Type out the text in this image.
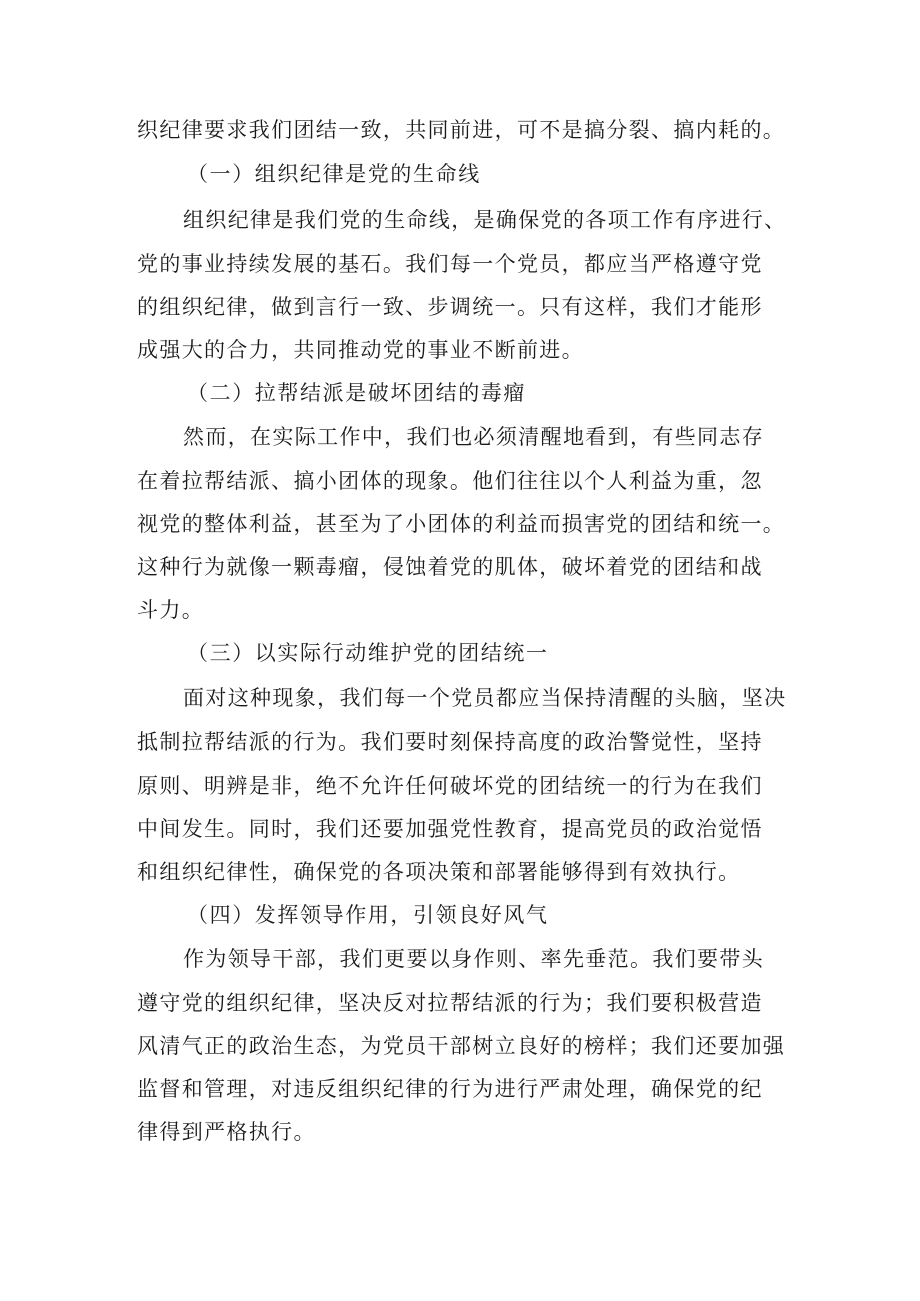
织纪律要求我们团结一致，共同前进，可不是搞分裂、搞内耗的。
（一）组织纪律是党的生命线
组织纪律是我们党的生命线，是确保党的各项工作有序进行、
党的事业持续发展的基石。我们每一个党员，都应当严格遵守党
的组织纪律，做到言行一致、步调统一。只有这样，我们才能形
成强大的合力，共同推动党的事业不断前进。
（二）拉帮结派是破坏团结的毒瘤
然而，在实际工作中，我们也必须清醒地看到，有些同志存
在着拉帮结派、搞小团体的现象。他们往往以个人利益为重，忽
视党的整体利益，甚至为了小团体的利益而损害党的团结和统一。
这种行为就像一颗毒瘤，侵蚀着党的肌体，破坏着党的团结和战
斗力。
（三）以实际行动维护党的团结统一
面对这种现象，我们每一个党员都应当保持清醒的头脑，坚决
抵制拉帮结派的行为。我们要时刻保持高度的政治警觉性，坚持
原则、明辨是非，绝不允许任何破坏党的团结统一的行为在我们
中间发生。同时，我们还要加强党性教育，提高党员的政治觉悟
和组织纪律性，确保党的各项决策和部署能够得到有效执行。
（四）发挥领导作用，引领良好风气
作为领导干部，我们更要以身作则、率先垂范。我们要带头
遵守党的组织纪律，坚决反对拉帮结派的行为；我们要积极营造
风清气正的政治生态，为党员干部树立良好的榜样；我们还要加强
监督和管理，对违反组织纪律的行为进行严肃处理，确保党的纪
律得到严格执行。
